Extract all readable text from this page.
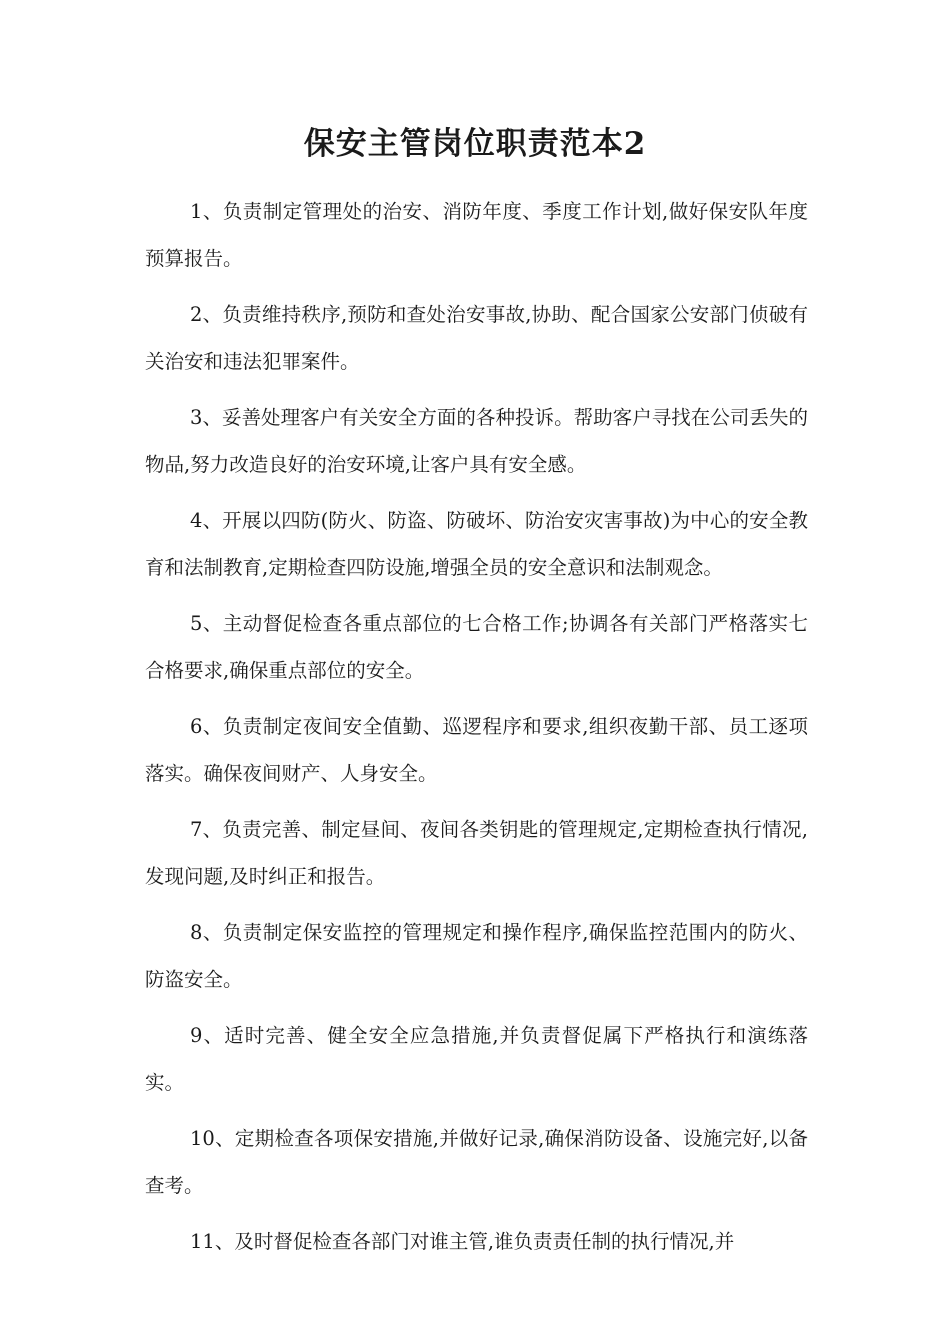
保安主管岗位职责范本2

1、负责制定管理处的治安、消防年度、季度工作计划,做好保安队年度预算报告。

2、负责维持秩序,预防和查处治安事故,协助、配合国家公安部门侦破有关治安和违法犯罪案件。

3、妥善处理客户有关安全方面的各种投诉。帮助客户寻找在公司丢失的物品,努力改造良好的治安环境,让客户具有安全感。

4、开展以四防(防火、防盗、防破坏、防治安灾害事故)为中心的安全教育和法制教育,定期检查四防设施,增强全员的安全意识和法制观念。

5、主动督促检查各重点部位的七合格工作;协调各有关部门严格落实七合格要求,确保重点部位的安全。

6、负责制定夜间安全值勤、巡逻程序和要求,组织夜勤干部、员工逐项落实。确保夜间财产、人身安全。

7、负责完善、制定昼间、夜间各类钥匙的管理规定,定期检查执行情况,发现问题,及时纠正和报告。

8、负责制定保安监控的管理规定和操作程序,确保监控范围内的防火、防盗安全。

9、适时完善、健全安全应急措施,并负责督促属下严格执行和演练落实。

10、定期检查各项保安措施,并做好记录,确保消防设备、设施完好,以备查考。

11、及时督促检查各部门对谁主管,谁负责责任制的执行情况,并
